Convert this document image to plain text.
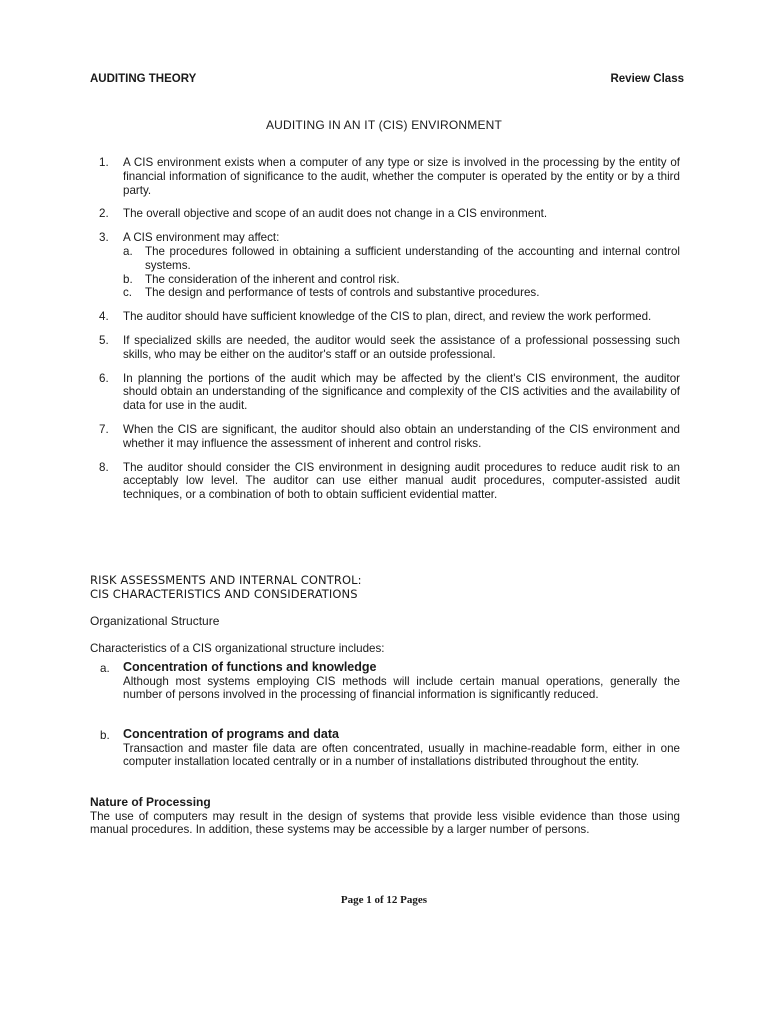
AUDITING THEORY	Review Class
AUDITING IN AN IT (CIS) ENVIRONMENT
1. A CIS environment exists when a computer of any type or size is involved in the processing by the entity of financial information of significance to the audit, whether the computer is operated by the entity or by a third party.
2. The overall objective and scope of an audit does not change in a CIS environment.
3. A CIS environment may affect:
a. The procedures followed in obtaining a sufficient understanding of the accounting and internal control systems.
b. The consideration of the inherent and control risk.
c. The design and performance of tests of controls and substantive procedures.
4. The auditor should have sufficient knowledge of the CIS to plan, direct, and review the work performed.
5. If specialized skills are needed, the auditor would seek the assistance of a professional possessing such skills, who may be either on the auditor's staff or an outside professional.
6. In planning the portions of the audit which may be affected by the client's CIS environment, the auditor should obtain an understanding of the significance and complexity of the CIS activities and the availability of data for use in the audit.
7. When the CIS are significant, the auditor should also obtain an understanding of the CIS environment and whether it may influence the assessment of inherent and control risks.
8. The auditor should consider the CIS environment in designing audit procedures to reduce audit risk to an acceptably low level. The auditor can use either manual audit procedures, computer-assisted audit techniques, or a combination of both to obtain sufficient evidential matter.
RISK ASSESSMENTS AND INTERNAL CONTROL:
CIS CHARACTERISTICS AND CONSIDERATIONS
Organizational Structure
Characteristics of a CIS organizational structure includes:
a. Concentration of functions and knowledge
Although most systems employing CIS methods will include certain manual operations, generally the number of persons involved in the processing of financial information is significantly reduced.
b. Concentration of programs and data
Transaction and master file data are often concentrated, usually in machine-readable form, either in one computer installation located centrally or in a number of installations distributed throughout the entity.
Nature of Processing
The use of computers may result in the design of systems that provide less visible evidence than those using manual procedures. In addition, these systems may be accessible by a larger number of persons.
Page 1 of 12 Pages
